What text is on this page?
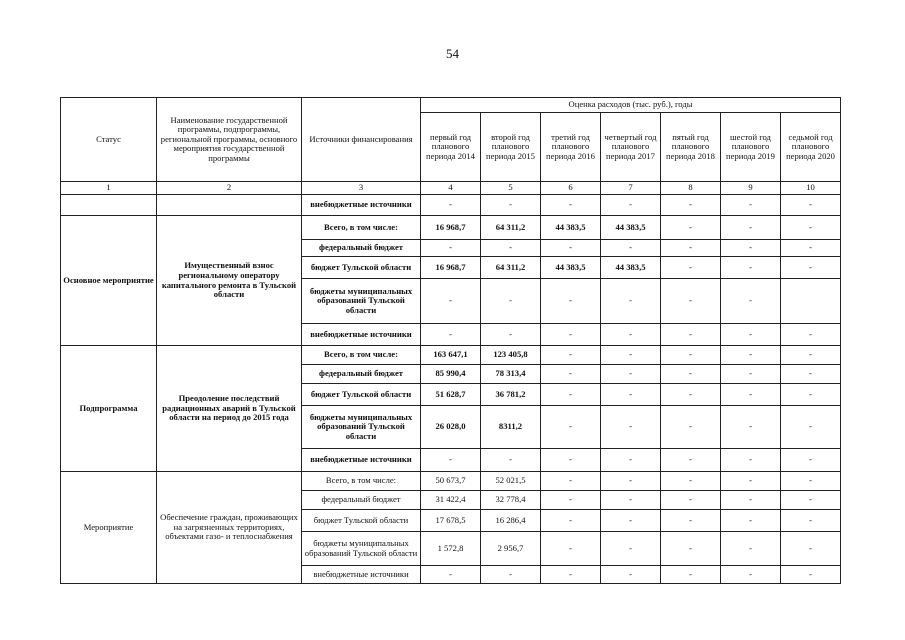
54
Статус	Наименование государственной программы, подпрограммы, региональной программы, основного мероприятия государственной программы	Источники финансирования	Оценка расходов (тыс. руб.), годы						
			первый год планового периода 2014	второй год планового периода 2015	третий год планового периода 2016	четвертый год планового периода 2017	пятый год планового периода 2018	шестой год планового периода 2019	седьмой год планового периода 2020
1	2	3	4	5	6	7	8	9	10
		внебюджетные источники	-	-	-	-	-	-	-
Основное мероприятие	Имущественный взнос региональному оператору капитального ремонта в Тульской области	Всего, в том числе:	16 968,7	64 311,2	44 383,5	44 383,5	-	-	-
		федеральный бюджет	-	-	-	-	-	-	-
		бюджет Тульской области	16 968,7	64 311,2	44 383,5	44 383,5	-	-	-
		бюджеты муниципальных образований Тульской области	-	-	-	-	-	-	
		внебюджетные источники	-	-	-	-	-	-	-
Подпрограмма	Преодоление последствий радиационных аварий в Тульской области на период до 2015 года	Всего, в том числе:	163 647,1	123 405,8	-	-	-	-	-
		федеральный бюджет	85 990,4	78 313,4	-	-	-	-	-
		бюджет Тульской области	51 628,7	36 781,2	-	-	-	-	-
		бюджеты муниципальных образований Тульской области	26 028,0	8311,2	-	-	-	-	-
		внебюджетные источники	-	-	-	-	-	-	-
Мероприятие	Обеспечение граждан, проживающих на загрязненных территориях, объектами газо- и теплоснабжения	Всего, в том числе:	50 673,7	52 021,5	-	-	-	-	-
		федеральный бюджет	31 422,4	32 778,4	-	-	-	-	-
		бюджет Тульской области	17 678,5	16 286,4	-	-	-	-	-
		бюджеты муниципальных образований Тульской области	1 572,8	2 956,7	-	-	-	-	-
		внебюджетные источники	-	-	-	-	-	-	-
